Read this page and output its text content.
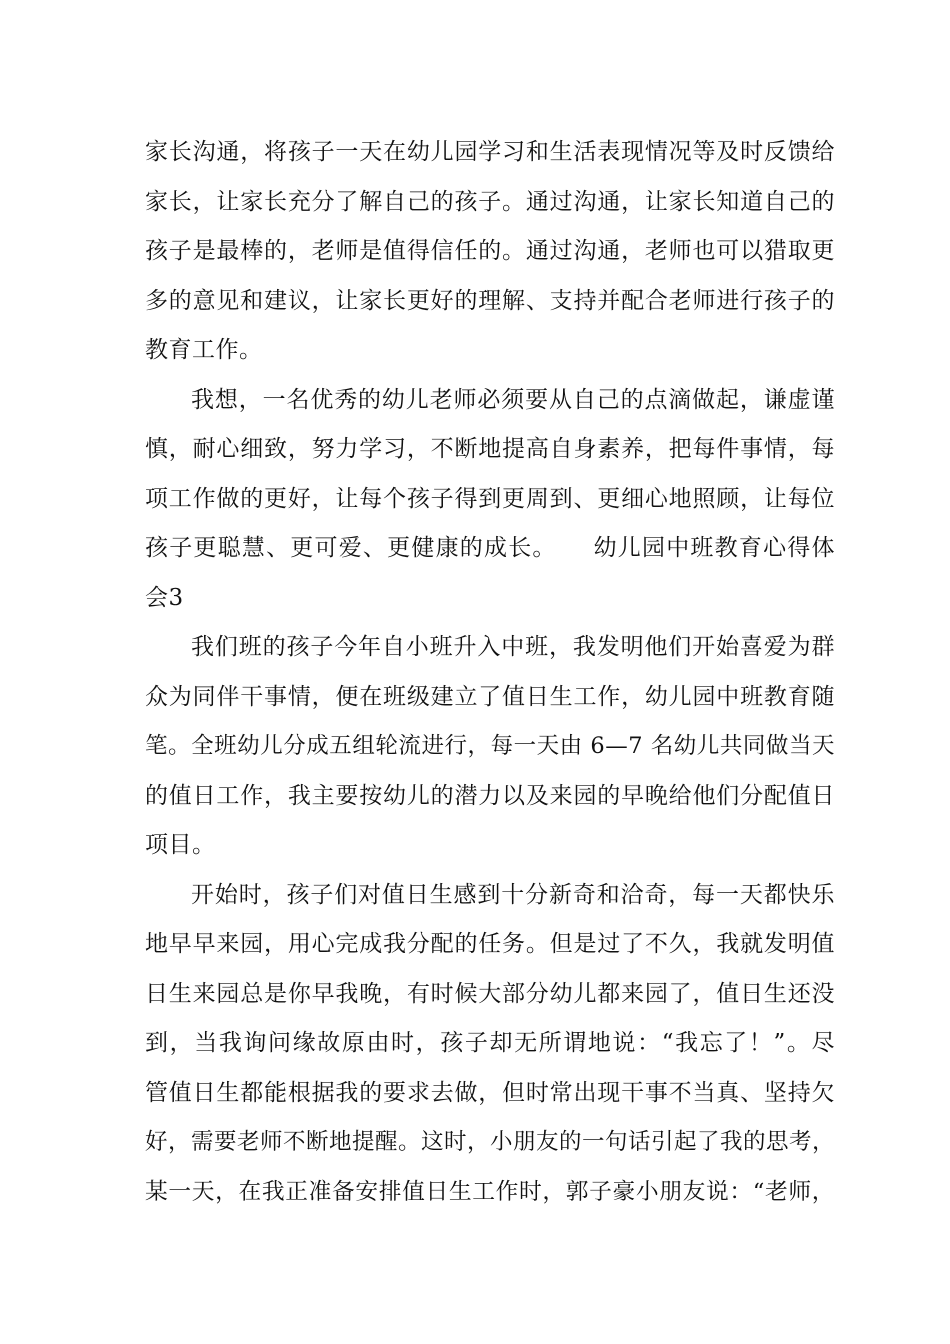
家长沟通，将孩子一天在幼儿园学习和生活表现情况等及时反馈给
家长，让家长充分了解自己的孩子。通过沟通，让家长知道自己的
孩子是最棒的，老师是值得信任的。通过沟通，老师也可以猎取更
多的意见和建议，让家长更好的理解、支持并配合老师进行孩子的
教育工作。
我想，一名优秀的幼儿老师必须要从自己的点滴做起，谦虚谨
慎，耐心细致，努力学习，不断地提高自身素养，把每件事情，每
项工作做的更好，让每个孩子得到更周到、更细心地照顾，让每位
孩子更聪慧、更可爱、更健康的成长。　　幼儿园中班教育心得体
会3
我们班的孩子今年自小班升入中班，我发明他们开始喜爱为群
众为同伴干事情，便在班级建立了值日生工作，幼儿园中班教育随
笔。全班幼儿分成五组轮流进行，每一天由 6—7 名幼儿共同做当天
的值日工作，我主要按幼儿的潜力以及来园的早晚给他们分配值日
项目。
开始时，孩子们对值日生感到十分新奇和洽奇，每一天都快乐
地早早来园，用心完成我分配的任务。但是过了不久，我就发明值
日生来园总是你早我晚，有时候大部分幼儿都来园了，值日生还没
到，当我询问缘故原由时，孩子却无所谓地说：“我忘了！”。尽
管值日生都能根据我的要求去做，但时常出现干事不当真、坚持欠
好，需要老师不断地提醒。这时，小朋友的一句话引起了我的思考，
某一天，在我正准备安排值日生工作时，郭子豪小朋友说：“老师，
